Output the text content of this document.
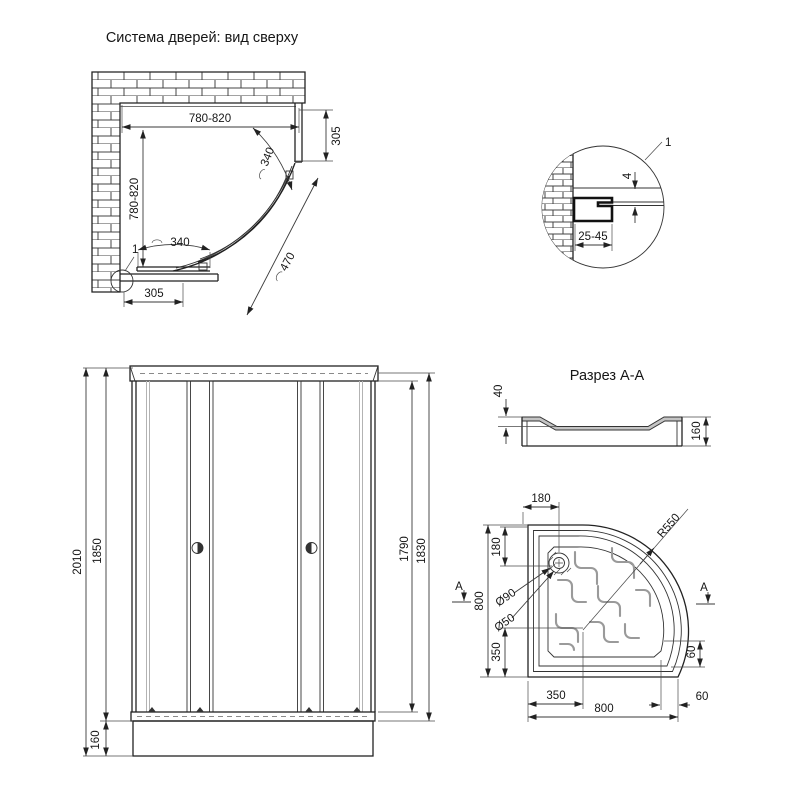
Система дверей: вид сверху
1
780-820
780-820
305
340
340
470
305
1
4
25-45
2010 1850
160
1790 1830
Разрез А-А
40
160
R550
Ø90
Ø50
180
180
800
350
350
800
60
60
A	A
